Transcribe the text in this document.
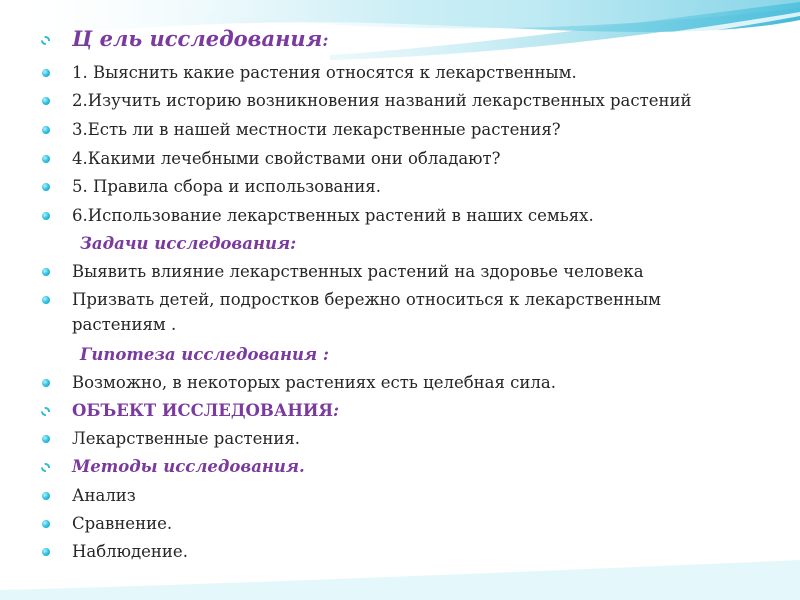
Ц ель исследования:
1. Выяснить какие растения относятся к лекарственным.
2.Изучить историю возникновения названий лекарственных растений
3.Есть ли в нашей местности лекарственные растения?
4.Какими лечебными свойствами они обладают?
5. Правила сбора и использования.
6.Использование лекарственных растений в наших семьях.
Задачи исследования:
Выявить влияние лекарственных растений на здоровье человека
Призвать детей, подростков бережно относиться к лекарственным растениям .
Гипотеза исследования :
Возможно, в некоторых растениях есть целебная сила.
ОБЪЕКТ ИССЛЕДОВАНИЯ:
Лекарственные растения.
Методы исследования.
Анализ
Сравнение.
Наблюдение.
